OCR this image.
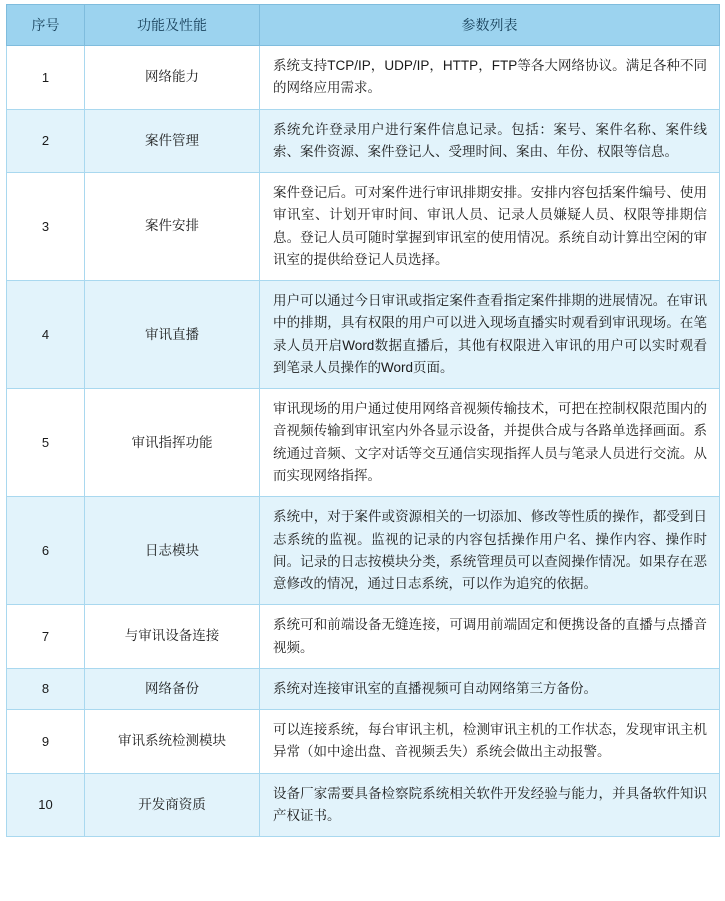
序号	功能及性能	参数列表
1	网络能力	系统支持TCP/IP，UDP/IP，HTTP，FTP等各大网络协议。满足各种不同的网络应用需求。

2	案件管理	系统允许登录用户进行案件信息记录。包括：案号、案件名称、案件线索、案件资源、案件登记人、受理时间、案由、年份、权限等信息。

3	案件安排	案件登记后。可对案件进行审讯排期安排。安排内容包括案件编号、使用审讯室、计划开审时间、审讯人员、记录人员嫌疑人员、权限等排期信息。登记人员可随时掌握到审讯室的使用情况。系统自动计算出空闲的审讯室的提供给登记人员选择。

4	审讯直播	用户可以通过今日审讯或指定案件查看指定案件排期的进展情况。在审讯中的排期，具有权限的用户可以进入现场直播实时观看到审讯现场。在笔录人员开启Word数据直播后，其他有权限进入审讯的用户可以实时观看到笔录人员操作的Word页面。

5	审讯指挥功能	审讯现场的用户通过使用网络音视频传输技术，可把在控制权限范围内的音视频传输到审讯室内外各显示设备，并提供合成与各路单选择画面。系统通过音频、文字对话等交互通信实现指挥人员与笔录人员进行交流。从而实现网络指挥。

6	日志模块	系统中，对于案件或资源相关的一切添加、修改等性质的操作，都受到日志系统的监视。监视的记录的内容包括操作用户名、操作内容、操作时间。记录的日志按模块分类，系统管理员可以查阅操作情况。如果存在恶意修改的情况，通过日志系统，可以作为追究的依据。

7	与审讯设备连接	系统可和前端设备无缝连接，可调用前端固定和便携设备的直播与点播音视频。

8	网络备份	系统对连接审讯室的直播视频可自动网络第三方备份。

9	审讯系统检测模块	可以连接系统，每台审讯主机，检测审讯主机的工作状态，发现审讯主机异常（如中途出盘、音视频丢失）系统会做出主动报警。

10	开发商资质	设备厂家需要具备检察院系统相关软件开发经验与能力，并具备软件知识产权证书。
